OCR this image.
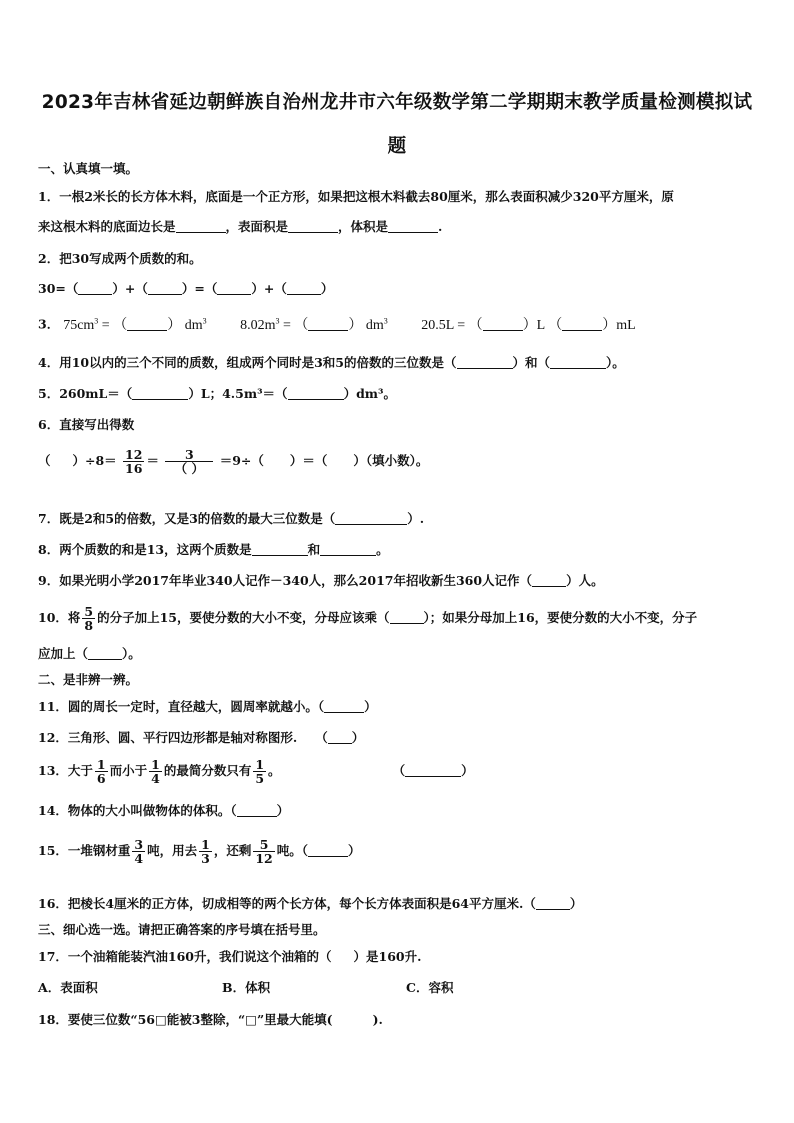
2023年吉林省延边朝鲜族自治州龙井市六年级数学第二学期期末教学质量检测模拟试
题
一、认真填一填。
1．一根2米长的长方体木料，底面是一个正方形，如果把这根木料截去80厘米，那么表面积减少320平方厘米，原
来这根木料的底面边长是	，表面积是	，体积是	.
2．把30写成两个质数的和。
30=（	）+（	）=（	）+（	）
3． $75cm^3$ = （	） $dm^3$ $8.02m^3$ = （	） $dm^3$ 20.5L = （	）L （	）mL
4．用10以内的三个不同的质数，组成两个同时是3和5的倍数的三位数是（	）和（	）。
5．260mL＝（	）L；4.5m³＝（	）dm³。
6．直接写出得数
（ ）$\div 8= \frac{12}{16} = \frac{3}{( )} =9\div$（ ）＝（ ）（填小数）。
7．既是2和5的倍数，又是3的倍数的最大三位数是（	）.
8．两个质数的和是13，这两个质数是	和	。
9．如果光明小学2017年毕业340人记作－340人，那么2017年招收新生360人记作（	）人。
10．将 $\frac{5}{8}$ 的分子加上15，要使分数的大小不变，分母应该乘（	）；如果分母加上16，要使分数的大小不变，分子
应加上（	）。
二、是非辨一辨。
11．圆的周长一定时，直径越大，圆周率就越小。（	）
12．三角形、圆、平行四边形都是轴对称图形. （ ）
13．大于 $\frac{1}{6}$ 而小于 $\frac{1}{4}$ 的最简分数只有 $\frac{1}{5}$ 。	（	）
14．物体的大小叫做物体的体积。（	）
15．一堆钢材重 $\frac{3}{4}$ 吨，用去 $\frac{1}{3}$ ，还剩 $\frac{5}{12}$ 吨。（	）
16．把棱长4厘米的正方体，切成相等的两个长方体，每个长方体表面积是64平方厘米.（	）
三、细心选一选。请把正确答案的序号填在括号里。
17．一个油箱能装汽油160升，我们说这个油箱的（ ）是160升.
A．表面积	B．体积	C．容积
18．要使三位数“56□能被3整除，“□”里最大能填(	).
